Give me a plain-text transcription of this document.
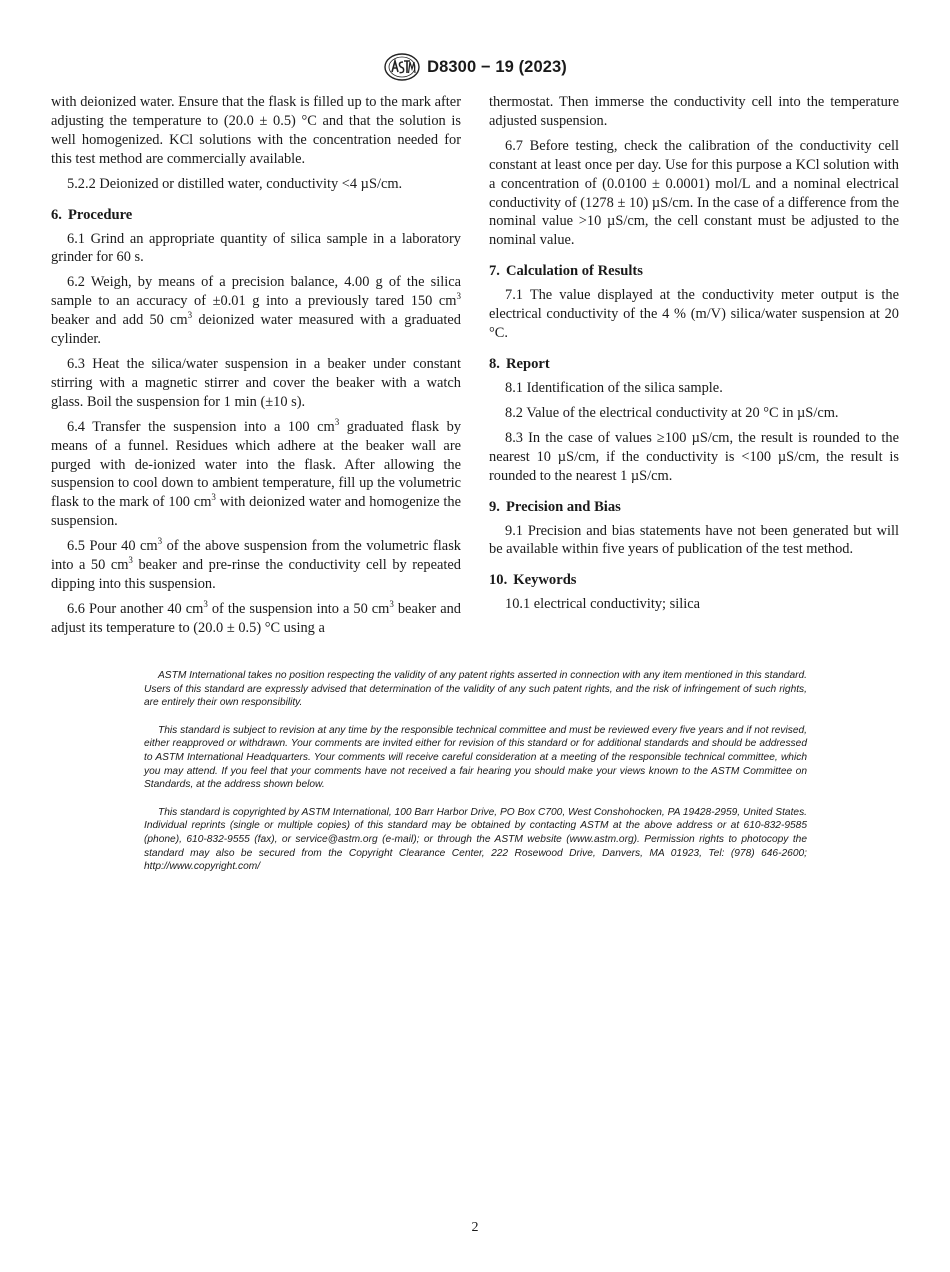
D8300 − 19 (2023)

with deionized water. Ensure that the flask is filled up to the mark after adjusting the temperature to (20.0 ± 0.5) °C and that the solution is well homogenized. KCl solutions with the concentration needed for this test method are commercially available.

5.2.2 Deionized or distilled water, conductivity <4 µS/cm.

6. Procedure

6.1 Grind an appropriate quantity of silica sample in a laboratory grinder for 60 s.

6.2 Weigh, by means of a precision balance, 4.00 g of the silica sample to an accuracy of ±0.01 g into a previously tared 150 $cm^3$ beaker and add 50 $cm^3$ deionized water measured with a graduated cylinder.

6.3 Heat the silica/water suspension in a beaker under constant stirring with a magnetic stirrer and cover the beaker with a watch glass. Boil the suspension for 1 min (±10 s).

6.4 Transfer the suspension into a 100 $cm^3$ graduated flask by means of a funnel. Residues which adhere at the beaker wall are purged with de-ionized water into the flask. After allowing the suspension to cool down to ambient temperature, fill up the volumetric flask to the mark of 100 $cm^3$ with deionized water and homogenize the suspension.

6.5 Pour 40 $cm^3$ of the above suspension from the volumetric flask into a 50 $cm^3$ beaker and pre-rinse the conductivity cell by repeated dipping into this suspension.

6.6 Pour another 40 $cm^3$ of the suspension into a 50 $cm^3$ beaker and adjust its temperature to (20.0 ± 0.5) °C using a

thermostat. Then immerse the conductivity cell into the temperature adjusted suspension.

6.7 Before testing, check the calibration of the conductivity cell constant at least once per day. Use for this purpose a KCl solution with a concentration of (0.0100 ± 0.0001) mol/L and a nominal electrical conductivity of (1278 ± 10) µS/cm. In the case of a difference from the nominal value >10 µS/cm, the cell constant must be adjusted to the nominal value.

7. Calculation of Results

7.1 The value displayed at the conductivity meter output is the electrical conductivity of the 4 % (m/V) silica/water suspension at 20 °C.

8. Report

8.1 Identification of the silica sample.

8.2 Value of the electrical conductivity at 20 °C in µS/cm.

8.3 In the case of values ≥100 µS/cm, the result is rounded to the nearest 10 µS/cm, if the conductivity is <100 µS/cm, the result is rounded to the nearest 1 µS/cm.

9. Precision and Bias

9.1 Precision and bias statements have not been generated but will be available within five years of publication of the test method.

10. Keywords

10.1 electrical conductivity; silica

ASTM International takes no position respecting the validity of any patent rights asserted in connection with any item mentioned in this standard. Users of this standard are expressly advised that determination of the validity of any such patent rights, and the risk of infringement of such rights, are entirely their own responsibility.

This standard is subject to revision at any time by the responsible technical committee and must be reviewed every five years and if not revised, either reapproved or withdrawn. Your comments are invited either for revision of this standard or for additional standards and should be addressed to ASTM International Headquarters. Your comments will receive careful consideration at a meeting of the responsible technical committee, which you may attend. If you feel that your comments have not received a fair hearing you should make your views known to the ASTM Committee on Standards, at the address shown below.

This standard is copyrighted by ASTM International, 100 Barr Harbor Drive, PO Box C700, West Conshohocken, PA 19428-2959, United States. Individual reprints (single or multiple copies) of this standard may be obtained by contacting ASTM at the above address or at 610-832-9585 (phone), 610-832-9555 (fax), or service@astm.org (e-mail); or through the ASTM website (www.astm.org). Permission rights to photocopy the standard may also be secured from the Copyright Clearance Center, 222 Rosewood Drive, Danvers, MA 01923, Tel: (978) 646-2600; http://www.copyright.com/

2
